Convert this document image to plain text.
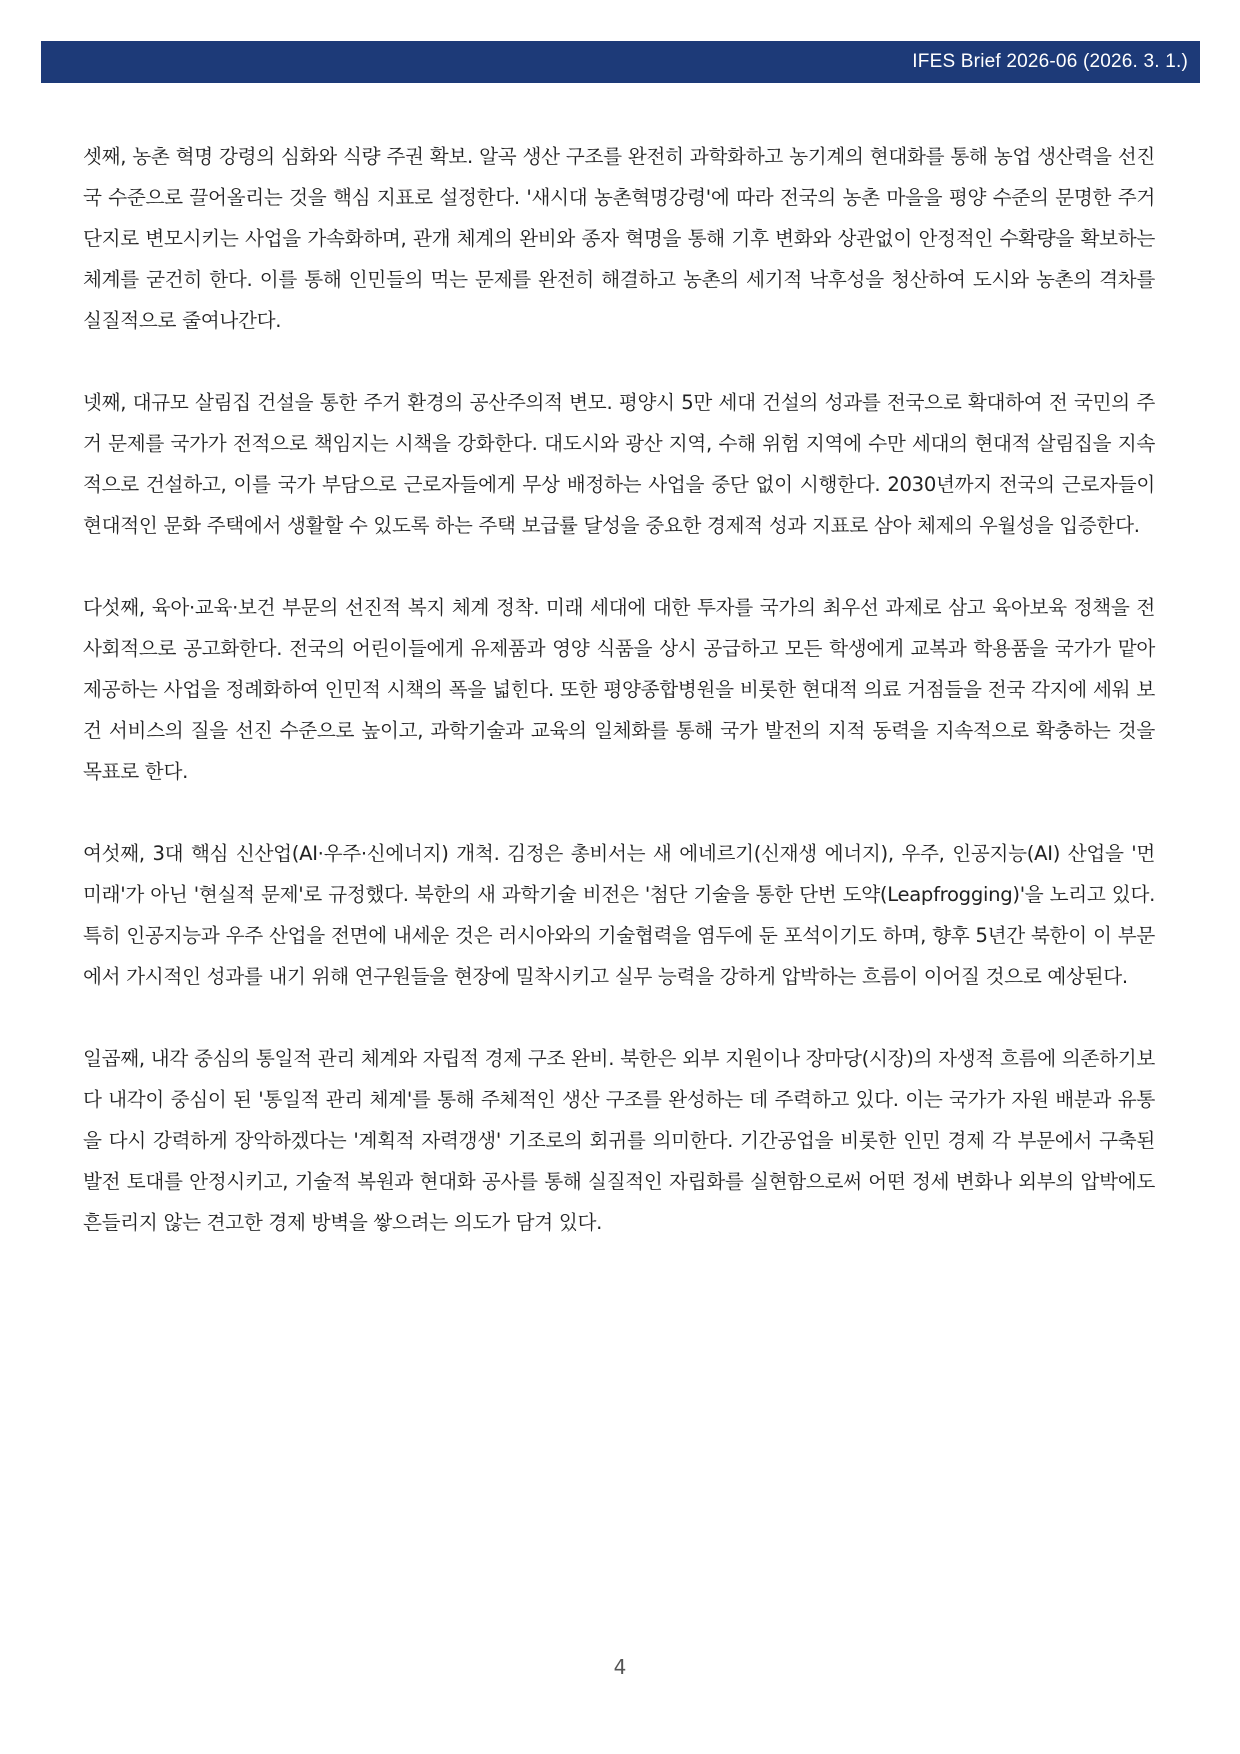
IFES Brief 2026-06 (2026. 3. 1.)

셋째, 농촌 혁명 강령의 심화와 식량 주권 확보. 알곡 생산 구조를 완전히 과학화하고 농기계의 현대화를 통해 농업 생산력을 선진국 수준으로 끌어올리는 것을 핵심 지표로 설정한다. '새시대 농촌혁명강령'에 따라 전국의 농촌 마을을 평양 수준의 문명한 주거 단지로 변모시키는 사업을 가속화하며, 관개 체계의 완비와 종자 혁명을 통해 기후 변화와 상관없이 안정적인 수확량을 확보하는 체계를 굳건히 한다. 이를 통해 인민들의 먹는 문제를 완전히 해결하고 농촌의 세기적 낙후성을 청산하여 도시와 농촌의 격차를 실질적으로 줄여나간다.

넷째, 대규모 살림집 건설을 통한 주거 환경의 공산주의적 변모. 평양시 5만 세대 건설의 성과를 전국으로 확대하여 전 국민의 주거 문제를 국가가 전적으로 책임지는 시책을 강화한다. 대도시와 광산 지역, 수해 위험 지역에 수만 세대의 현대적 살림집을 지속적으로 건설하고, 이를 국가 부담으로 근로자들에게 무상 배정하는 사업을 중단 없이 시행한다. 2030년까지 전국의 근로자들이 현대적인 문화 주택에서 생활할 수 있도록 하는 주택 보급률 달성을 중요한 경제적 성과 지표로 삼아 체제의 우월성을 입증한다.

다섯째, 육아·교육·보건 부문의 선진적 복지 체계 정착. 미래 세대에 대한 투자를 국가의 최우선 과제로 삼고 육아보육 정책을 전 사회적으로 공고화한다. 전국의 어린이들에게 유제품과 영양 식품을 상시 공급하고 모든 학생에게 교복과 학용품을 국가가 맡아 제공하는 사업을 정례화하여 인민적 시책의 폭을 넓힌다. 또한 평양종합병원을 비롯한 현대적 의료 거점들을 전국 각지에 세워 보건 서비스의 질을 선진 수준으로 높이고, 과학기술과 교육의 일체화를 통해 국가 발전의 지적 동력을 지속적으로 확충하는 것을 목표로 한다.

여섯째, 3대 핵심 신산업(AI·우주·신에너지) 개척. 김정은 총비서는 새 에네르기(신재생 에너지), 우주, 인공지능(AI) 산업을 '먼 미래'가 아닌 '현실적 문제'로 규정했다. 북한의 새 과학기술 비전은 '첨단 기술을 통한 단번 도약(Leapfrogging)'을 노리고 있다. 특히 인공지능과 우주 산업을 전면에 내세운 것은 러시아와의 기술협력을 염두에 둔 포석이기도 하며, 향후 5년간 북한이 이 부문에서 가시적인 성과를 내기 위해 연구원들을 현장에 밀착시키고 실무 능력을 강하게 압박하는 흐름이 이어질 것으로 예상된다.

일곱째, 내각 중심의 통일적 관리 체계와 자립적 경제 구조 완비. 북한은 외부 지원이나 장마당(시장)의 자생적 흐름에 의존하기보다 내각이 중심이 된 '통일적 관리 체계'를 통해 주체적인 생산 구조를 완성하는 데 주력하고 있다. 이는 국가가 자원 배분과 유통을 다시 강력하게 장악하겠다는 '계획적 자력갱생' 기조로의 회귀를 의미한다. 기간공업을 비롯한 인민 경제 각 부문에서 구축된 발전 토대를 안정시키고, 기술적 복원과 현대화 공사를 통해 실질적인 자립화를 실현함으로써 어떤 정세 변화나 외부의 압박에도 흔들리지 않는 견고한 경제 방벽을 쌓으려는 의도가 담겨 있다.

4
